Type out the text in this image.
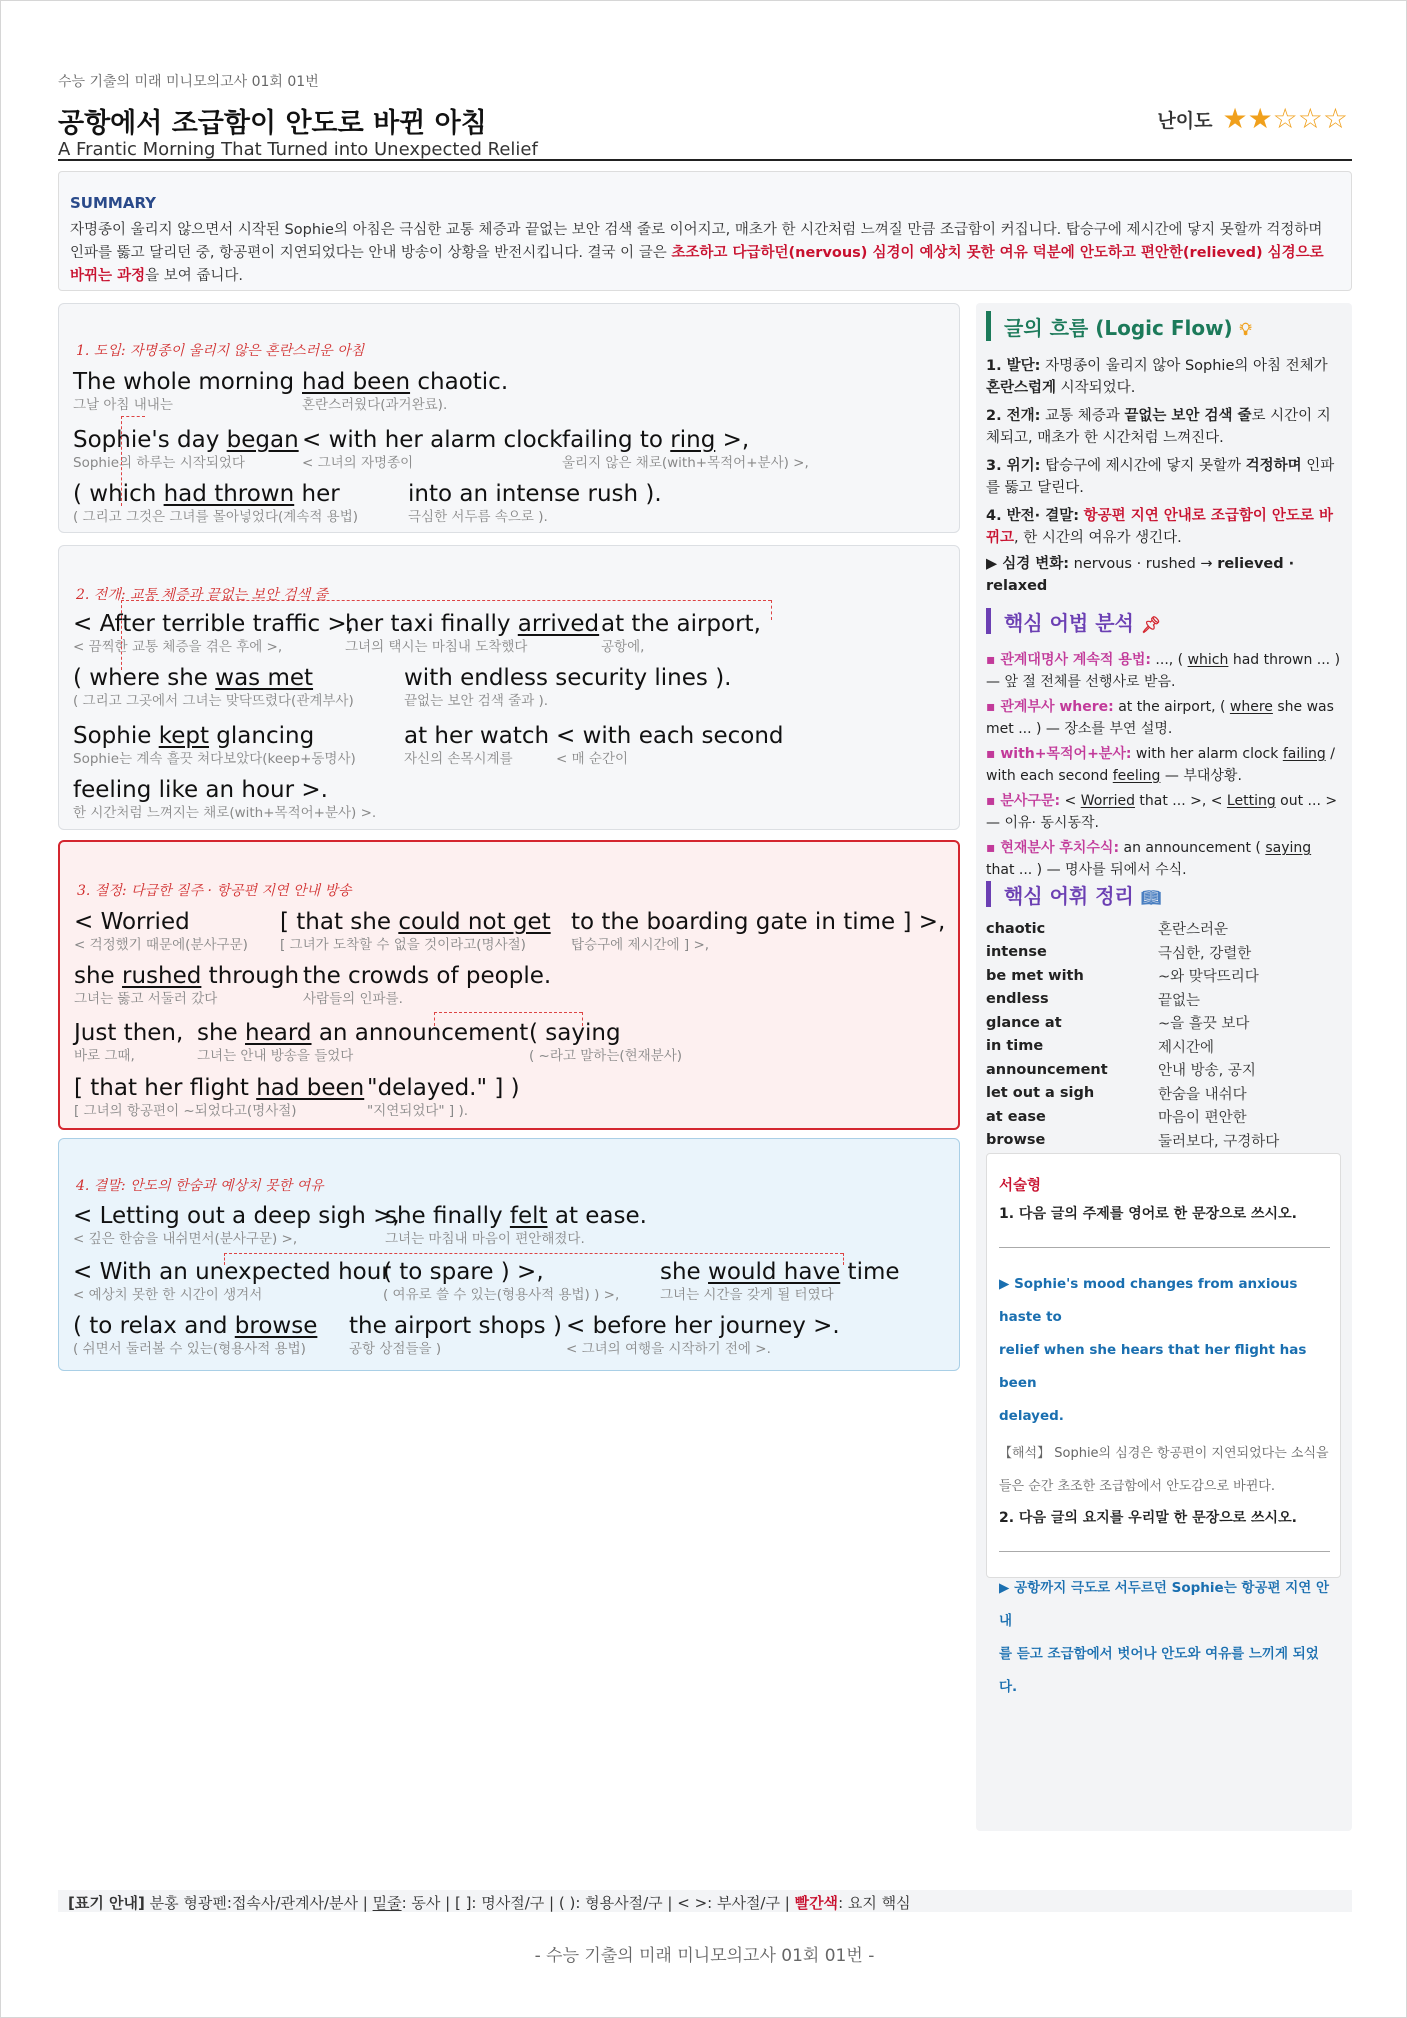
수능 기출의 미래 미니모의고사 01회 01번
공항에서 조급함이 안도로 바뀐 아침
A Frantic Morning That Turned into Unexpected Relief
난이도 ★★☆☆☆
SUMMARY
자명종이 울리지 않으면서 시작된 Sophie의 아침은 극심한 교통 체증과 끝없는 보안 검색 줄로 이어지고, 매초가 한 시간처럼 느껴질 만큼 조급함이 커집니다. 탑승구에 제시간에 닿지 못할까 걱정하며 인파를 뚫고 달리던 중, 항공편이 지연되었다는 안내 방송이 상황을 반전시킵니다. 결국 이 글은 초조하고 다급하던(nervous) 심경이 예상치 못한 여유 덕분에 안도하고 편안한(relieved) 심경으로 바뀌는 과정을 보여 줍니다.
1. 도입: 자명종이 울리지 않은 혼란스러운 아침
The whole morning
그날 아침 내내는
had been chaotic.
혼란스러웠다(과거완료).
Sophie's day began
Sophie의 하루는 시작되었다
< with her alarm clock
< 그녀의 자명종이
failing to ring >,
울리지 않은 채로(with+목적어+분사) >,
( which had thrown her
( 그리고 그것은 그녀를 몰아넣었다(계속적 용법)
into an intense rush ).
극심한 서두름 속으로 ).
2. 전개: 교통 체증과 끝없는 보안 검색 줄
< After terrible traffic >,
< 끔찍한 교통 체증을 겪은 후에 >,
her taxi finally arrived
그녀의 택시는 마침내 도착했다
at the airport,
공항에,
( where she was met
( 그리고 그곳에서 그녀는 맞닥뜨렸다(관계부사)
with endless security lines ).
끝없는 보안 검색 줄과 ).
Sophie kept glancing
Sophie는 계속 흘끗 쳐다보았다(keep+동명사)
at her watch
자신의 손목시계를
< with each second
< 매 순간이
feeling like an hour >.
한 시간처럼 느껴지는 채로(with+목적어+분사) >.
3. 절정: 다급한 질주 · 항공편 지연 안내 방송
< Worried
< 걱정했기 때문에(분사구문)
[ that she could not get
[ 그녀가 도착할 수 없을 것이라고(명사절)
to the boarding gate in time ] >,
탑승구에 제시간에 ] >,
she rushed through
그녀는 뚫고 서둘러 갔다
the crowds of people.
사람들의 인파를.
Just then,
바로 그때,
she heard an announcement
그녀는 안내 방송을 들었다
( saying
( ~라고 말하는(현재분사)
[ that her flight had been
[ 그녀의 항공편이 ~되었다고(명사절)
"delayed." ] )
"지연되었다" ] ).
4. 결말: 안도의 한숨과 예상치 못한 여유
< Letting out a deep sigh >,
< 깊은 한숨을 내쉬면서(분사구문) >,
she finally felt at ease.
그녀는 마침내 마음이 편안해졌다.
< With an unexpected hour
< 예상치 못한 한 시간이 생겨서
( to spare ) >,
( 여유로 쓸 수 있는(형용사적 용법) ) >,
she would have time
그녀는 시간을 갖게 될 터였다
( to relax and browse
( 쉬면서 둘러볼 수 있는(형용사적 용법)
the airport shops )
공항 상점들을 )
< before her journey >.
< 그녀의 여행을 시작하기 전에 >.
글의 흐름 (Logic Flow) 💡︎
1. 발단: 자명종이 울리지 않아 Sophie의 아침 전체가 혼란스럽게 시작되었다.
2. 전개: 교통 체증과 끝없는 보안 검색 줄로 시간이 지체되고, 매초가 한 시간처럼 느껴진다.
3. 위기: 탑승구에 제시간에 닿지 못할까 걱정하며 인파를 뚫고 달린다.
4. 반전· 결말: 항공편 지연 안내로 조급함이 안도로 바뀌고, 한 시간의 여유가 생긴다.
▶ 심경 변화: nervous · rushed → relieved · relaxed
핵심 어법 분석 📌︎
▪ 관계대명사 계속적 용법: ..., ( which had thrown ... ) — 앞 절 전체를 선행사로 받음.
▪ 관계부사 where: at the airport, ( where she was met ... ) — 장소를 부연 설명.
▪ with+목적어+분사: with her alarm clock failing / with each second feeling — 부대상황.
▪ 분사구문: < Worried that ... >, < Letting out ... > — 이유· 동시동작.
▪ 현재분사 후치수식: an announcement ( saying that ... ) — 명사를 뒤에서 수식.
핵심 어휘 정리 📖︎
chaotic	혼란스러운
intense	극심한, 강렬한
be met with	~와 맞닥뜨리다
endless	끝없는
glance at	~을 흘끗 보다
in time	제시간에
announcement	안내 방송, 공지
let out a sigh	한숨을 내쉬다
at ease	마음이 편안한
browse	둘러보다, 구경하다
서술형
1. 다음 글의 주제를 영어로 한 문장으로 쓰시오.
▶ Sophie's mood changes from anxious haste to
relief when she hears that her flight has been
delayed.
【해석】 Sophie의 심경은 항공편이 지연되었다는 소식을
들은 순간 초조한 조급함에서 안도감으로 바뀐다.
2. 다음 글의 요지를 우리말 한 문장으로 쓰시오.
▶ 공항까지 극도로 서두르던 Sophie는 항공편 지연 안내
를 듣고 조급함에서 벗어나 안도와 여유를 느끼게 되었다.
[표기 안내] 분홍 형광펜:접속사/관계사/분사 | 밑줄: 동사 | [ ]: 명사절/구 | ( ): 형용사절/구 | < >: 부사절/구 | 빨간색: 요지 핵심
- 수능 기출의 미래 미니모의고사 01회 01번 -
